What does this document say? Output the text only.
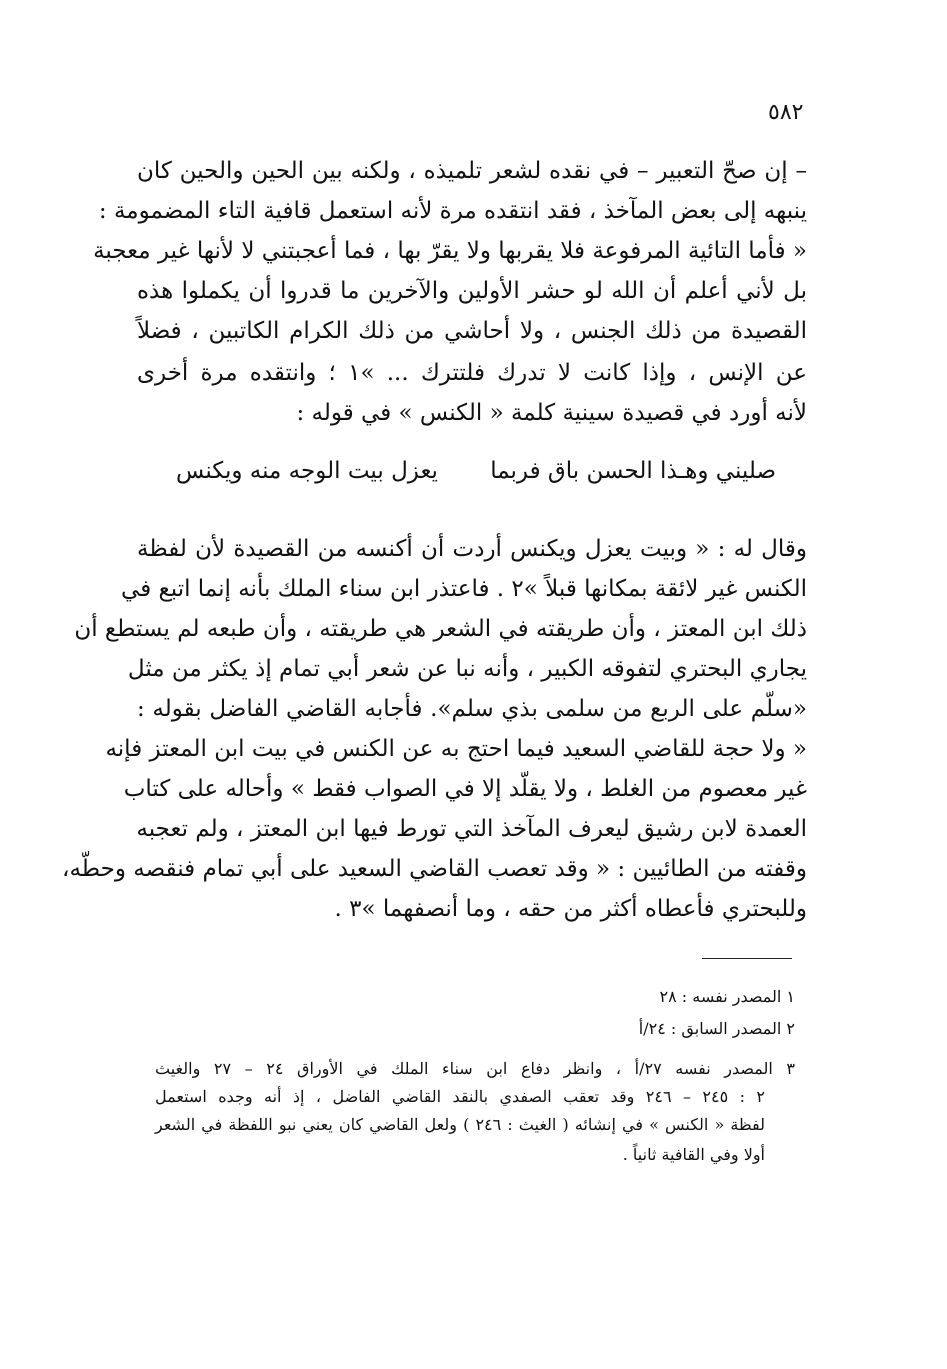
٥٨٢
– إن صحّ التعبير – في نقده لشعر تلميذه ، ولكنه بين الحين والحين كان
ينبهه إلى بعض المآخذ ، فقد انتقده مرة لأنه استعمل قافية التاء المضمومة :
« فأما التائية المرفوعة فلا يقربها ولا يقرّ بها ، فما أعجبتني لا لأنها غير معجبة
بل لأني أعلم أن الله لو حشر الأولين والآخرين ما قدروا أن يكملوا هذه
القصيدة من ذلك الجنس ، ولا أحاشي من ذلك الكرام الكاتبين ، فضلاً
عن الإنس ، وإذا كانت لا تدرك فلتترك ... »١ ؛ وانتقده مرة أخرى
لأنه أورد في قصيدة سينية كلمة « الكنس » في قوله :
صليني وهـذا الحسن باق فربما
يعزل بيت الوجه منه ويكنس
وقال له : « وبيت يعزل ويكنس أردت أن أكنسه من القصيدة لأن لفظة
الكنس غير لائقة بمكانها قبلاً »٢ . فاعتذر ابن سناء الملك بأنه إنما اتبع في
ذلك ابن المعتز ، وأن طريقته في الشعر هي طريقته ، وأن طبعه لم يستطع أن
يجاري البحتري لتفوقه الكبير ، وأنه نبا عن شعر أبي تمام إذ يكثر من مثل
«سلّم على الربع من سلمى بذي سلم». فأجابه القاضي الفاضل بقوله :
« ولا حجة للقاضي السعيد فيما احتج به عن الكنس في بيت ابن المعتز فإنه
غير معصوم من الغلط ، ولا يقلّد إلا في الصواب فقط » وأحاله على كتاب
العمدة لابن رشيق ليعرف المآخذ التي تورط فيها ابن المعتز ، ولم تعجبه
وقفته من الطائيين : « وقد تعصب القاضي السعيد على أبي تمام فنقصه وحطّه،
وللبحتري فأعطاه أكثر من حقه ، وما أنصفهما »٣ .
١ المصدر نفسه : ٢٨
٢ المصدر السابق : ٢٤/أ
٣ المصدر نفسه ٢٧/أ ، وانظر دفاع ابن سناء الملك في الأوراق ٢٤ – ٢٧ والغيث
٢ : ٢٤٥ – ٢٤٦ وقد تعقب الصفدي بالنقد القاضي الفاضل ، إذ أنه وجده استعمل
لفظة « الكنس » في إنشائه ( الغيث : ٢٤٦ ) ولعل القاضي كان يعني نبو اللفظة في الشعر
أولا وفي القافية ثانياً .
